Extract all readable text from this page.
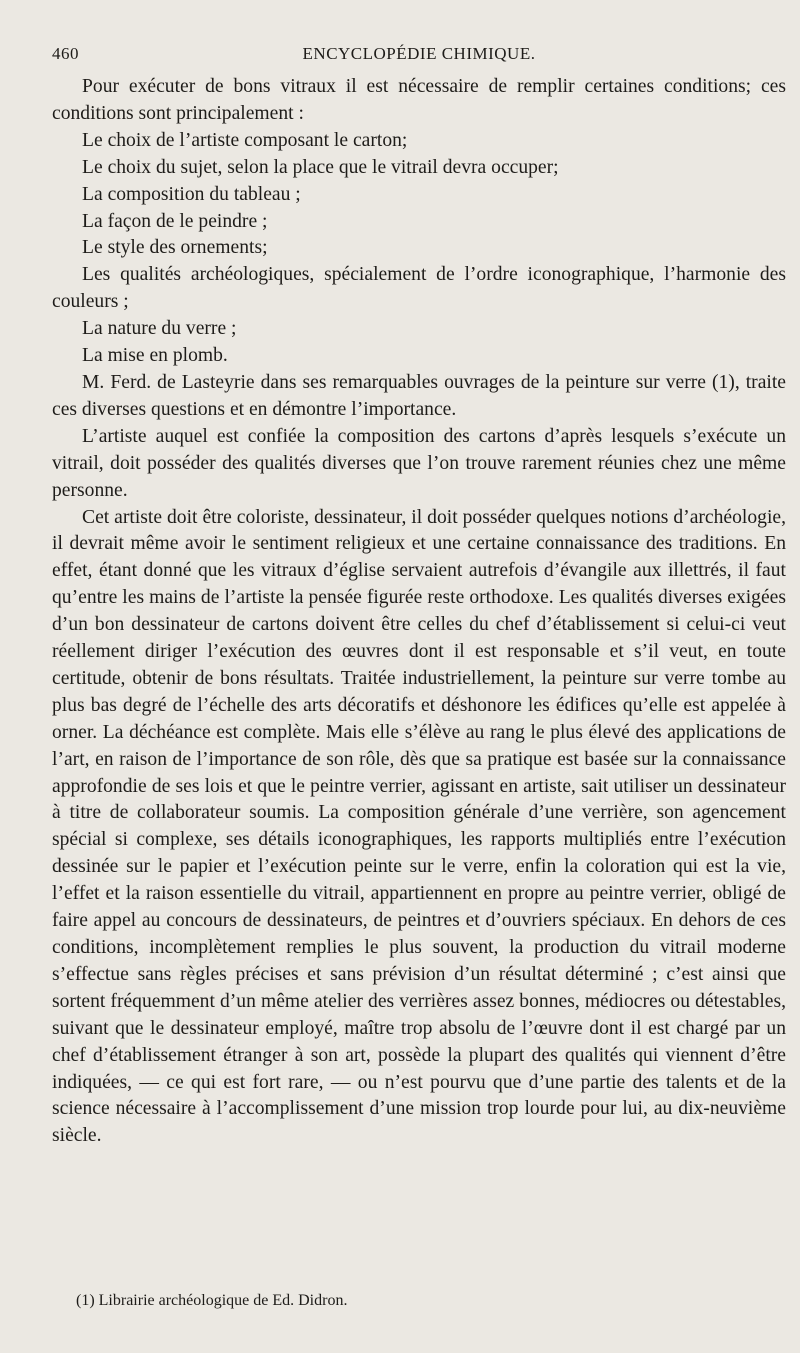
460	ENCYCLOPÉDIE CHIMIQUE.

Pour exécuter de bons vitraux il est nécessaire de remplir certaines conditions; ces conditions sont principalement :

Le choix de l’artiste composant le carton;

Le choix du sujet, selon la place que le vitrail devra occuper;

La composition du tableau ;

La façon de le peindre ;

Le style des ornements;

Les qualités archéologiques, spécialement de l’ordre iconographique, l’harmonie des couleurs ;

La nature du verre ;

La mise en plomb.

M. Ferd. de Lasteyrie dans ses remarquables ouvrages de la peinture sur verre (1), traite ces diverses questions et en démontre l’importance.

L’artiste auquel est confiée la composition des cartons d’après lesquels s’exécute un vitrail, doit posséder des qualités diverses que l’on trouve rarement réunies chez une même personne.

Cet artiste doit être coloriste, dessinateur, il doit posséder quelques notions d’archéologie, il devrait même avoir le sentiment religieux et une certaine connaissance des traditions. En effet, étant donné que les vitraux d’église servaient autrefois d’évangile aux illettrés, il faut qu’entre les mains de l’artiste la pensée figurée reste orthodoxe. Les qualités diverses exigées d’un bon dessinateur de cartons doivent être celles du chef d’établissement si celui-ci veut réellement diriger l’exécution des œuvres dont il est responsable et s’il veut, en toute certitude, obtenir de bons résultats. Traitée industriellement, la peinture sur verre tombe au plus bas degré de l’échelle des arts décoratifs et déshonore les édifices qu’elle est appelée à orner. La déchéance est complète. Mais elle s’élève au rang le plus élevé des applications de l’art, en raison de l’importance de son rôle, dès que sa pratique est basée sur la connaissance approfondie de ses lois et que le peintre verrier, agissant en artiste, sait utiliser un dessinateur à titre de collaborateur soumis. La composition générale d’une verrière, son agencement spécial si complexe, ses détails iconographiques, les rapports multipliés entre l’exécution dessinée sur le papier et l’exécution peinte sur le verre, enfin la coloration qui est la vie, l’effet et la raison essentielle du vitrail, appartiennent en propre au peintre verrier, obligé de faire appel au concours de dessinateurs, de peintres et d’ouvriers spéciaux. En dehors de ces conditions, incomplètement remplies le plus souvent, la production du vitrail moderne s’effectue sans règles précises et sans prévision d’un résultat déterminé ; c’est ainsi que sortent fréquemment d’un même atelier des verrières assez bonnes, médiocres ou détestables, suivant que le dessinateur employé, maître trop absolu de l’œuvre dont il est chargé par un chef d’établissement étranger à son art, possède la plupart des qualités qui viennent d’être indiquées, — ce qui est fort rare, — ou n’est pourvu que d’une partie des talents et de la science nécessaire à l’accomplissement d’une mission trop lourde pour lui, au dix-neuvième siècle.

(1) Librairie archéologique de Ed. Didron.
